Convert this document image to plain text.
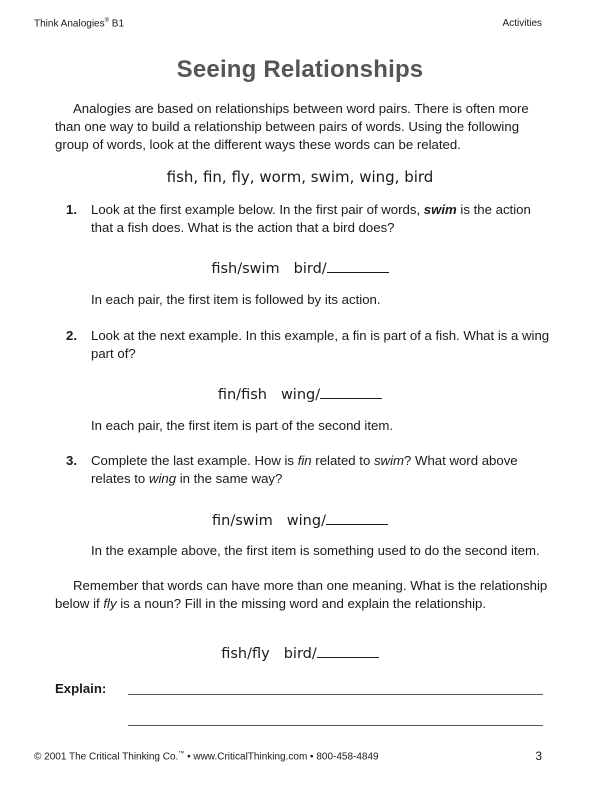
Think Analogies® B1	Activities
Seeing Relationships
Analogies are based on relationships between word pairs. There is often more than one way to build a relationship between pairs of words. Using the following group of words, look at the different ways these words can be related.
fish, fin, fly, worm, swim, wing, bird
1. Look at the first example below. In the first pair of words, swim is the action that a fish does. What is the action that a bird does?
fish/swim bird/
In each pair, the first item is followed by its action.
2. Look at the next example. In this example, a fin is part of a fish. What is a wing part of?
fin/fish wing/
In each pair, the first item is part of the second item.
3. Complete the last example. How is fin related to swim? What word above relates to wing in the same way?
fin/swim wing/
In the example above, the first item is something used to do the second item.
Remember that words can have more than one meaning. What is the relationship below if fly is a noun? Fill in the missing word and explain the relationship.
fish/fly bird/
Explain:
© 2001 The Critical Thinking Co.™ • www.CriticalThinking.com • 800-458-4849	3
